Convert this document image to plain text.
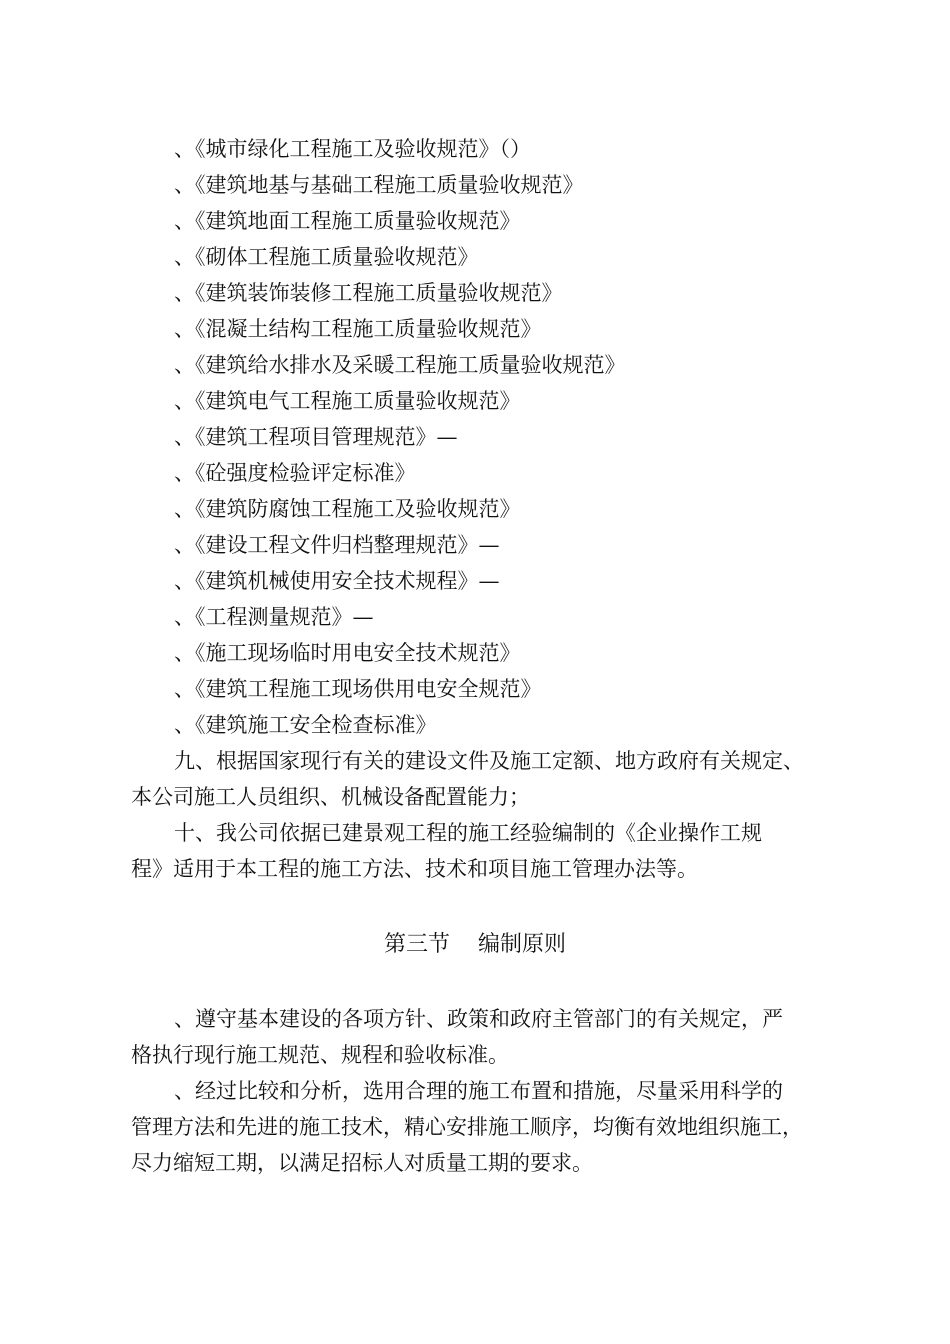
、《城市绿化工程施工及验收规范》（）
、《建筑地基与基础工程施工质量验收规范》
、《建筑地面工程施工质量验收规范》
、《砌体工程施工质量验收规范》
、《建筑装饰装修工程施工质量验收规范》
、《混凝土结构工程施工质量验收规范》
、《建筑给水排水及采暖工程施工质量验收规范》
、《建筑电气工程施工质量验收规范》
、《建筑工程项目管理规范》—
、《砼强度检验评定标准》
、《建筑防腐蚀工程施工及验收规范》
、《建设工程文件归档整理规范》—
、《建筑机械使用安全技术规程》—
、《工程测量规范》—
、《施工现场临时用电安全技术规范》
、《建筑工程施工现场供用电安全规范》
、《建筑施工安全检查标准》

九、根据国家现行有关的建设文件及施工定额、地方政府有关规定、
本公司施工人员组织、机械设备配置能力；

十、我公司依据已建景观工程的施工经验编制的《企业操作工规
程》适用于本工程的施工方法、技术和项目施工管理办法等。

第三节 编制原则

、遵守基本建设的各项方针、政策和政府主管部门的有关规定，严
格执行现行施工规范、规程和验收标准。

、经过比较和分析，选用合理的施工布置和措施，尽量采用科学的
管理方法和先进的施工技术，精心安排施工顺序，均衡有效地组织施工，
尽力缩短工期，以满足招标人对质量工期的要求。
